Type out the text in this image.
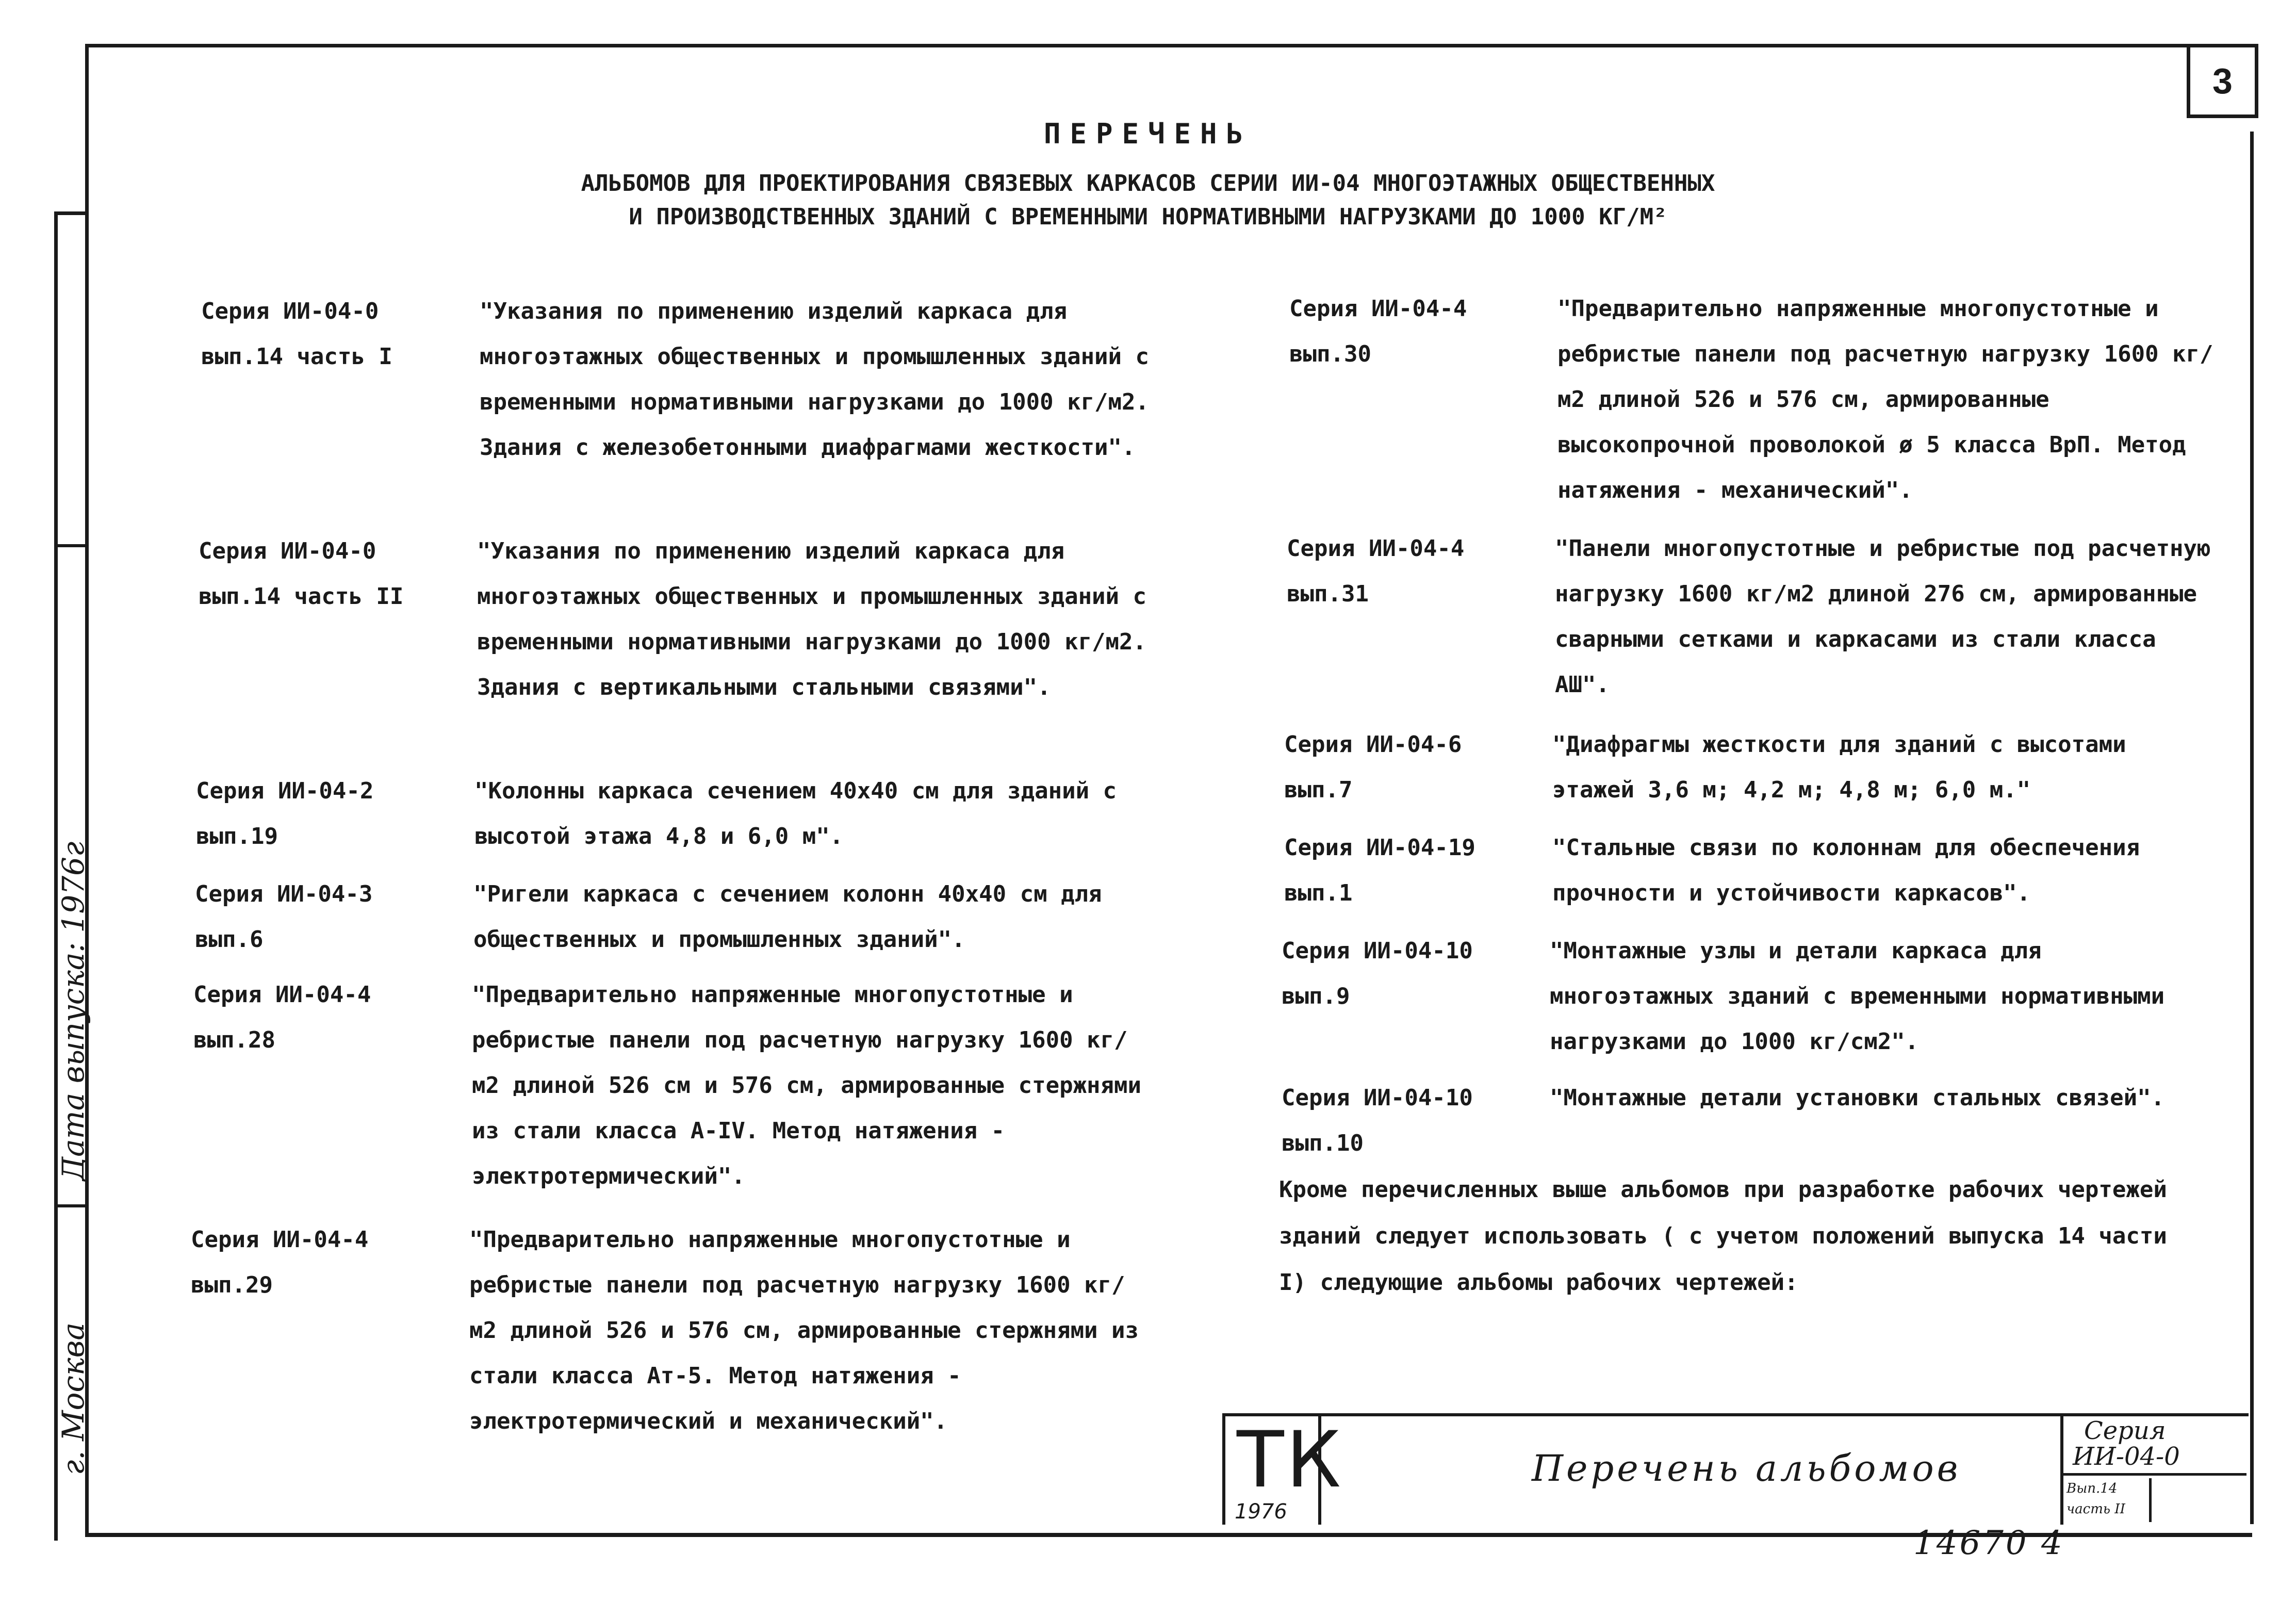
3
Дата выпуска: 1976г
г. Москва
ПЕРЕЧЕНЬ
АЛЬБОМОВ ДЛЯ ПРОЕКТИРОВАНИЯ СВЯЗЕВЫХ КАРКАСОВ СЕРИИ ИИ-04 МНОГОЭТАЖНЫХ ОБЩЕСТВЕННЫХ
И ПРОИЗВОДСТВЕННЫХ ЗДАНИЙ С ВРЕМЕННЫМИ НОРМАТИВНЫМИ НАГРУЗКАМИ ДО 1000 КГ/М²
Серия ИИ-04-0
вып.14 часть I
"Указания по применению изделий каркаса для многоэтажных общественных и промышленных зданий с временными нормативными нагрузками до 1000 кг/м2. Здания с железобетонными диафрагмами жесткости".
Серия ИИ-04-0
вып.14 часть II
"Указания по применению изделий каркаса для многоэтажных общественных и промышленных зданий с временными нормативными нагрузками до 1000 кг/м2. Здания с вертикальными стальными связями".
Серия ИИ-04-2
вып.19
"Колонны каркаса сечением 40х40 см для зданий с высотой этажа 4,8 и 6,0 м".
Серия ИИ-04-3
вып.6
"Ригели каркаса с сечением колонн 40х40 см для общественных и промышленных зданий".
Серия ИИ-04-4
вып.28
"Предварительно напряженные многопустотные и ребристые панели под расчетную нагрузку 1600 кг/м2 длиной 526 см и 576 см, армированные стержнями из стали класса А-IV. Метод натяжения - электротермический".
Серия ИИ-04-4
вып.29
"Предварительно напряженные многопустотные и ребристые панели под расчетную нагрузку 1600 кг/м2 длиной 526 и 576 см, армированные стержнями из стали класса Ат-5. Метод натяжения - электротермический и механический".
Серия ИИ-04-4
вып.30
"Предварительно напряженные многопустотные и ребристые панели под расчетную нагрузку 1600 кг/м2 длиной 526 и 576 см, армированные высокопрочной проволокой ø 5 класса ВрП. Метод натяжения - механический".
Серия ИИ-04-4
вып.31
"Панели многопустотные и ребристые под расчетную нагрузку 1600 кг/м2 длиной 276 см, армированные сварными сетками и каркасами из стали класса АШ".
Серия ИИ-04-6
вып.7
"Диафрагмы жесткости для зданий с высотами этажей 3,6 м; 4,2 м; 4,8 м; 6,0 м."
Серия ИИ-04-19
вып.1
"Стальные связи по колоннам для обеспечения прочности и устойчивости каркасов".
Серия ИИ-04-10
вып.9
"Монтажные узлы и детали каркаса для многоэтажных зданий с временными нормативными нагрузками до 1000 кг/см2".
Серия ИИ-04-10
вып.10
"Монтажные детали установки стальных связей".
Кроме перечисленных выше альбомов при разработке рабочих чертежей зданий следует использовать ( с учетом положений выпуска 14 части I) следующие альбомы рабочих чертежей:
ТК
1976
Перечень альбомов
Серия
ИИ-04-0
Вып.14
часть II
14670 4
